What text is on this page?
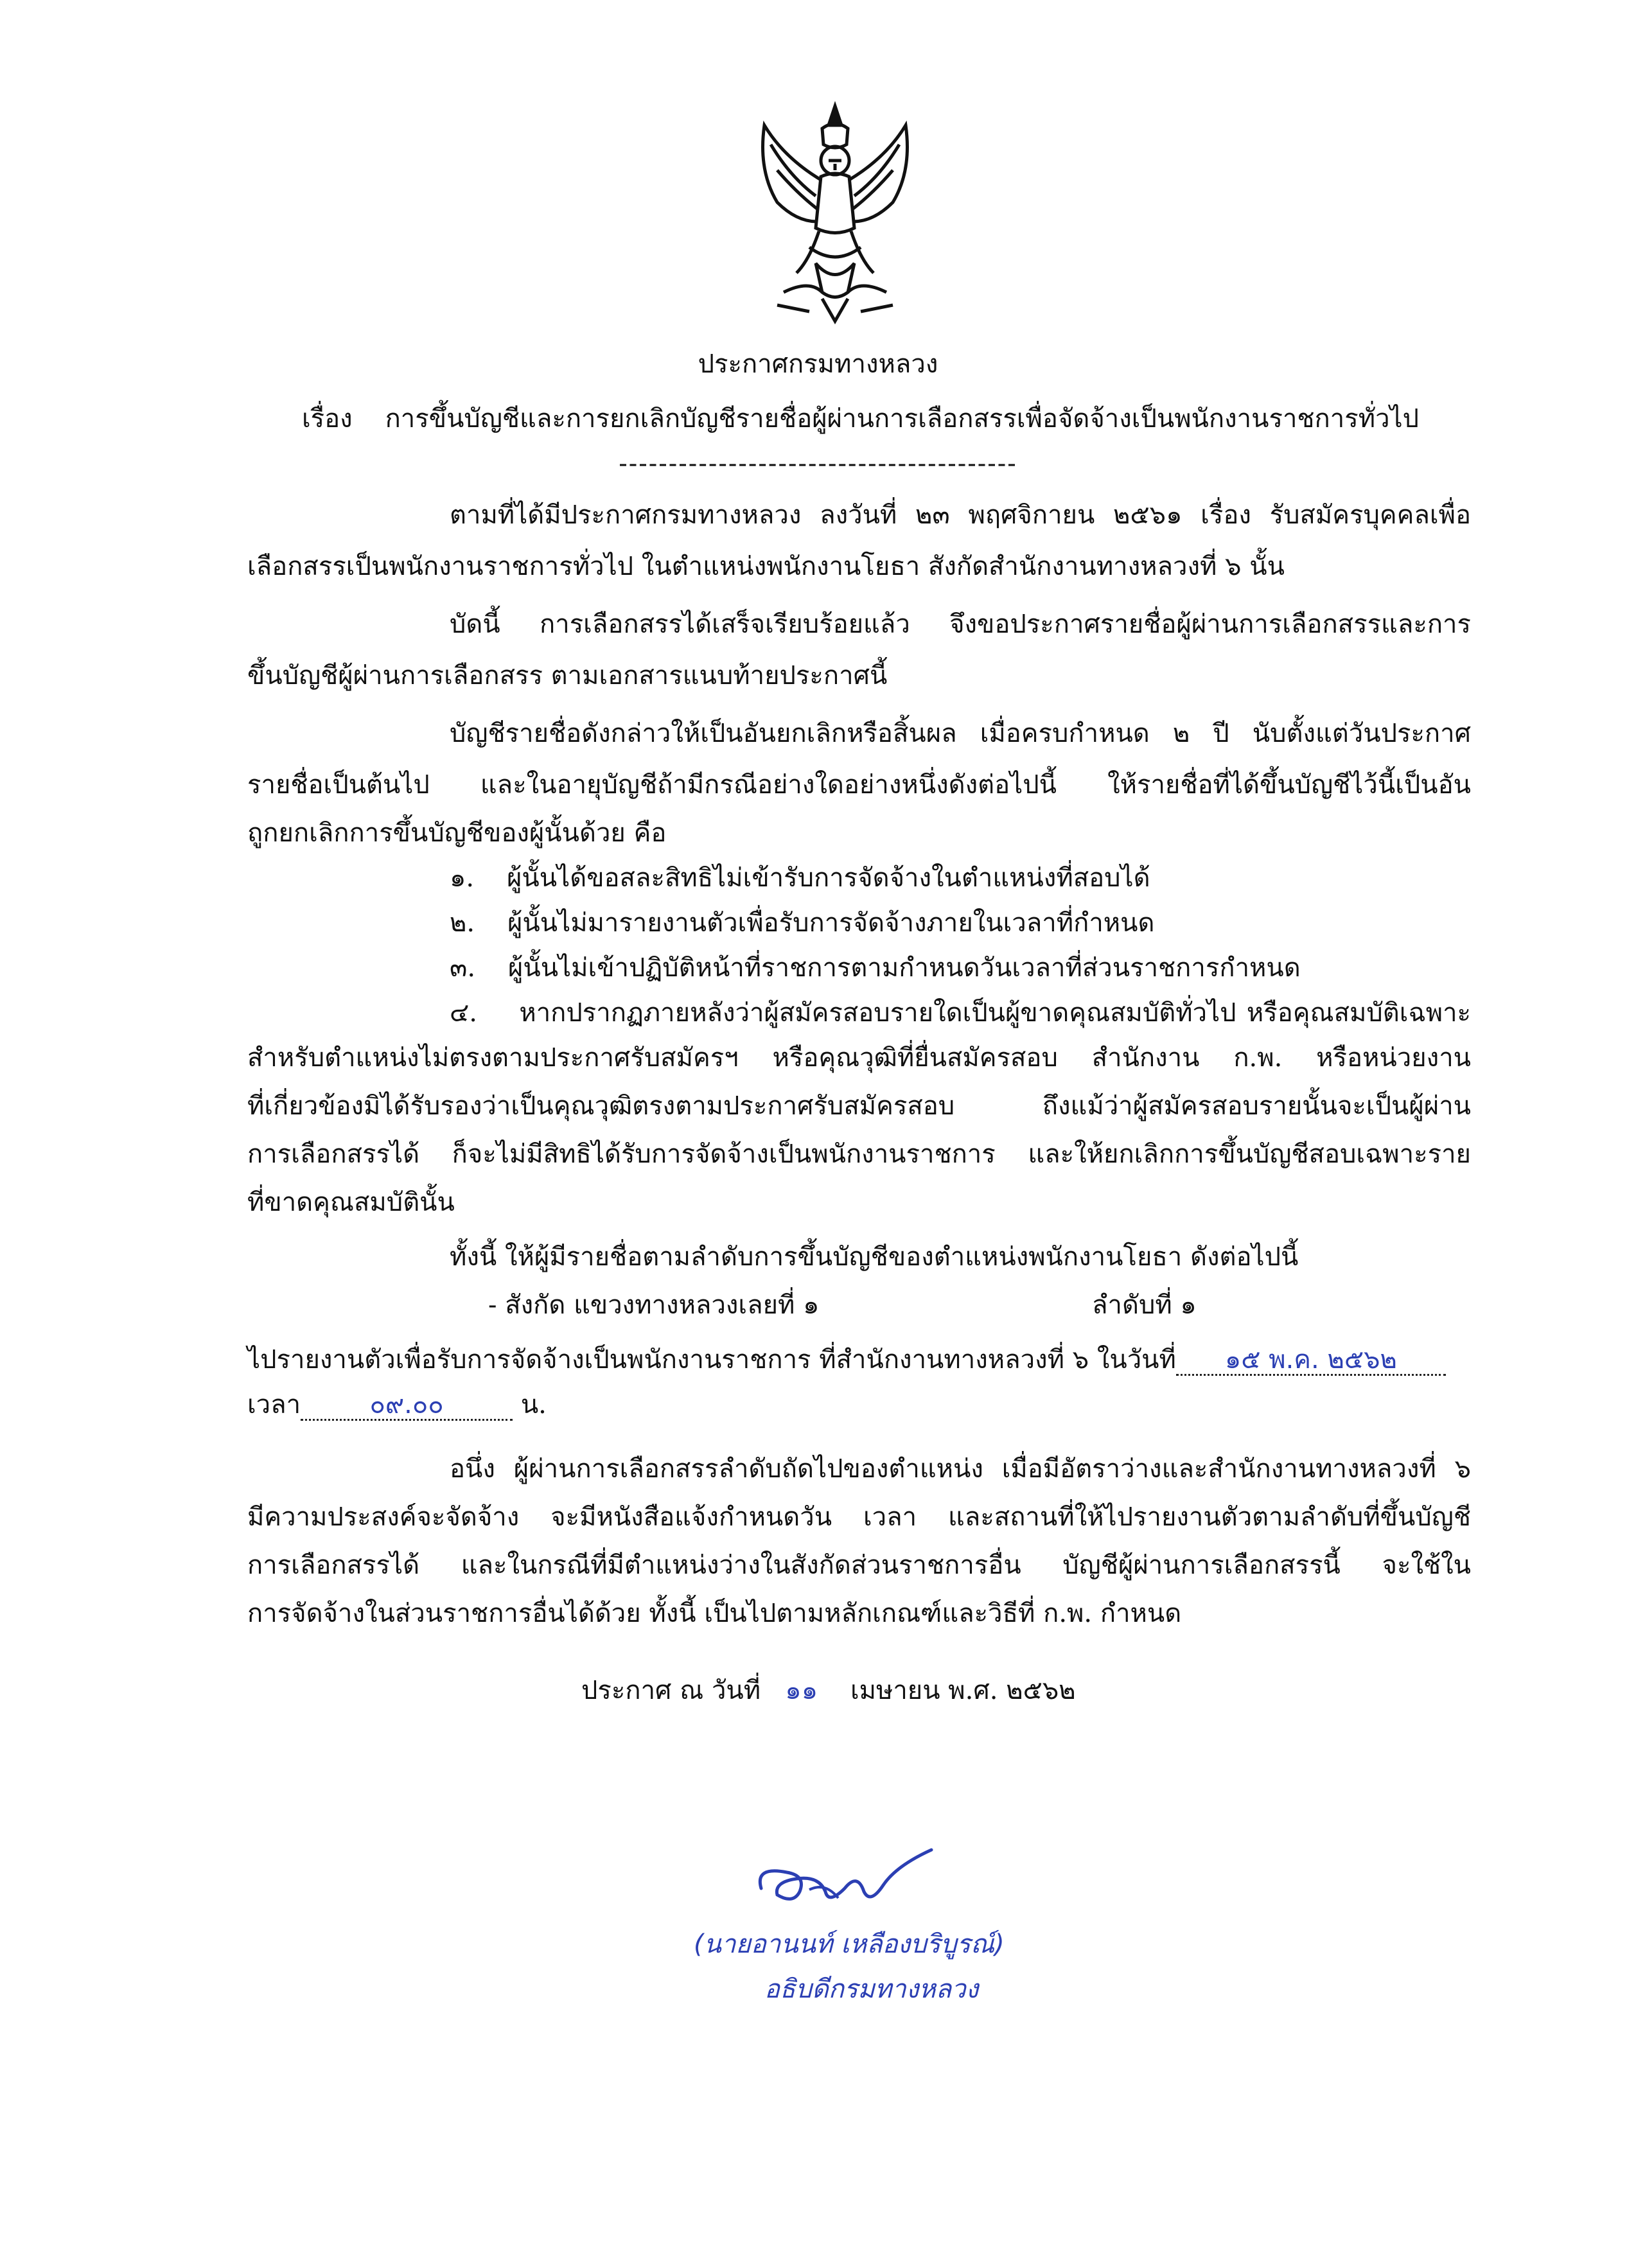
ประกาศกรมทางหลวง
เรื่อง การขึ้นบัญชีและการยกเลิกบัญชีรายชื่อผู้ผ่านการเลือกสรรเพื่อจัดจ้างเป็นพนักงานราชการทั่วไป
----------------------------------------
ตามที่ได้มีประกาศกรมทางหลวง ลงวันที่ ๒๓ พฤศจิกายน ๒๕๖๑ เรื่อง รับสมัครบุคคลเพื่อ
เลือกสรรเป็นพนักงานราชการทั่วไป ในตำแหน่งพนักงานโยธา สังกัดสำนักงานทางหลวงที่ ๖ นั้น
บัดนี้ การเลือกสรรได้เสร็จเรียบร้อยแล้ว จึงขอประกาศรายชื่อผู้ผ่านการเลือกสรรและการ
ขึ้นบัญชีผู้ผ่านการเลือกสรร ตามเอกสารแนบท้ายประกาศนี้
บัญชีรายชื่อดังกล่าวให้เป็นอันยกเลิกหรือสิ้นผล เมื่อครบกำหนด ๒ ปี นับตั้งแต่วันประกาศ
รายชื่อเป็นต้นไป และในอายุบัญชีถ้ามีกรณีอย่างใดอย่างหนึ่งดังต่อไปนี้ ให้รายชื่อที่ได้ขึ้นบัญชีไว้นี้เป็นอัน
ถูกยกเลิกการขึ้นบัญชีของผู้นั้นด้วย คือ
๑. ผู้นั้นได้ขอสละสิทธิไม่เข้ารับการจัดจ้างในตำแหน่งที่สอบได้
๒. ผู้นั้นไม่มารายงานตัวเพื่อรับการจัดจ้างภายในเวลาที่กำหนด
๓. ผู้นั้นไม่เข้าปฏิบัติหน้าที่ราชการตามกำหนดวันเวลาที่ส่วนราชการกำหนด
๔. หากปรากฏภายหลังว่าผู้สมัครสอบรายใดเป็นผู้ขาดคุณสมบัติทั่วไป หรือคุณสมบัติเฉพาะ
สำหรับตำแหน่งไม่ตรงตามประกาศรับสมัครฯ หรือคุณวุฒิที่ยื่นสมัครสอบ สำนักงาน ก.พ. หรือหน่วยงาน
ที่เกี่ยวข้องมิได้รับรองว่าเป็นคุณวุฒิตรงตามประกาศรับสมัครสอบ ถึงแม้ว่าผู้สมัครสอบรายนั้นจะเป็นผู้ผ่าน
การเลือกสรรได้ ก็จะไม่มีสิทธิได้รับการจัดจ้างเป็นพนักงานราชการ และให้ยกเลิกการขึ้นบัญชีสอบเฉพาะราย
ที่ขาดคุณสมบัตินั้น
ทั้งนี้ ให้ผู้มีรายชื่อตามลำดับการขึ้นบัญชีของตำแหน่งพนักงานโยธา ดังต่อไปนี้
- สังกัด แขวงทางหลวงเลยที่ ๑	ลำดับที่ ๑
ไปรายงานตัวเพื่อรับการจัดจ้างเป็นพนักงานราชการ ที่สำนักงานทางหลวงที่ ๖ ในวันที่ ๑๕ พ.ค. ๒๕๖๒
เวลา	๐๙.๐๐	น.
อนึ่ง ผู้ผ่านการเลือกสรรลำดับถัดไปของตำแหน่ง เมื่อมีอัตราว่างและสำนักงานทางหลวงที่ ๖
มีความประสงค์จะจัดจ้าง จะมีหนังสือแจ้งกำหนดวัน เวลา และสถานที่ให้ไปรายงานตัวตามลำดับที่ขึ้นบัญชี
การเลือกสรรได้ และในกรณีที่มีตำแหน่งว่างในสังกัดส่วนราชการอื่น บัญชีผู้ผ่านการเลือกสรรนี้ จะใช้ใน
การจัดจ้างในส่วนราชการอื่นได้ด้วย ทั้งนี้ เป็นไปตามหลักเกณฑ์และวิธีที่ ก.พ. กำหนด
ประกาศ ณ วันที่ ๑๑ เมษายน พ.ศ. ๒๕๖๒
(นายอานนท์ เหลืองบริบูรณ์)
อธิบดีกรมทางหลวง
